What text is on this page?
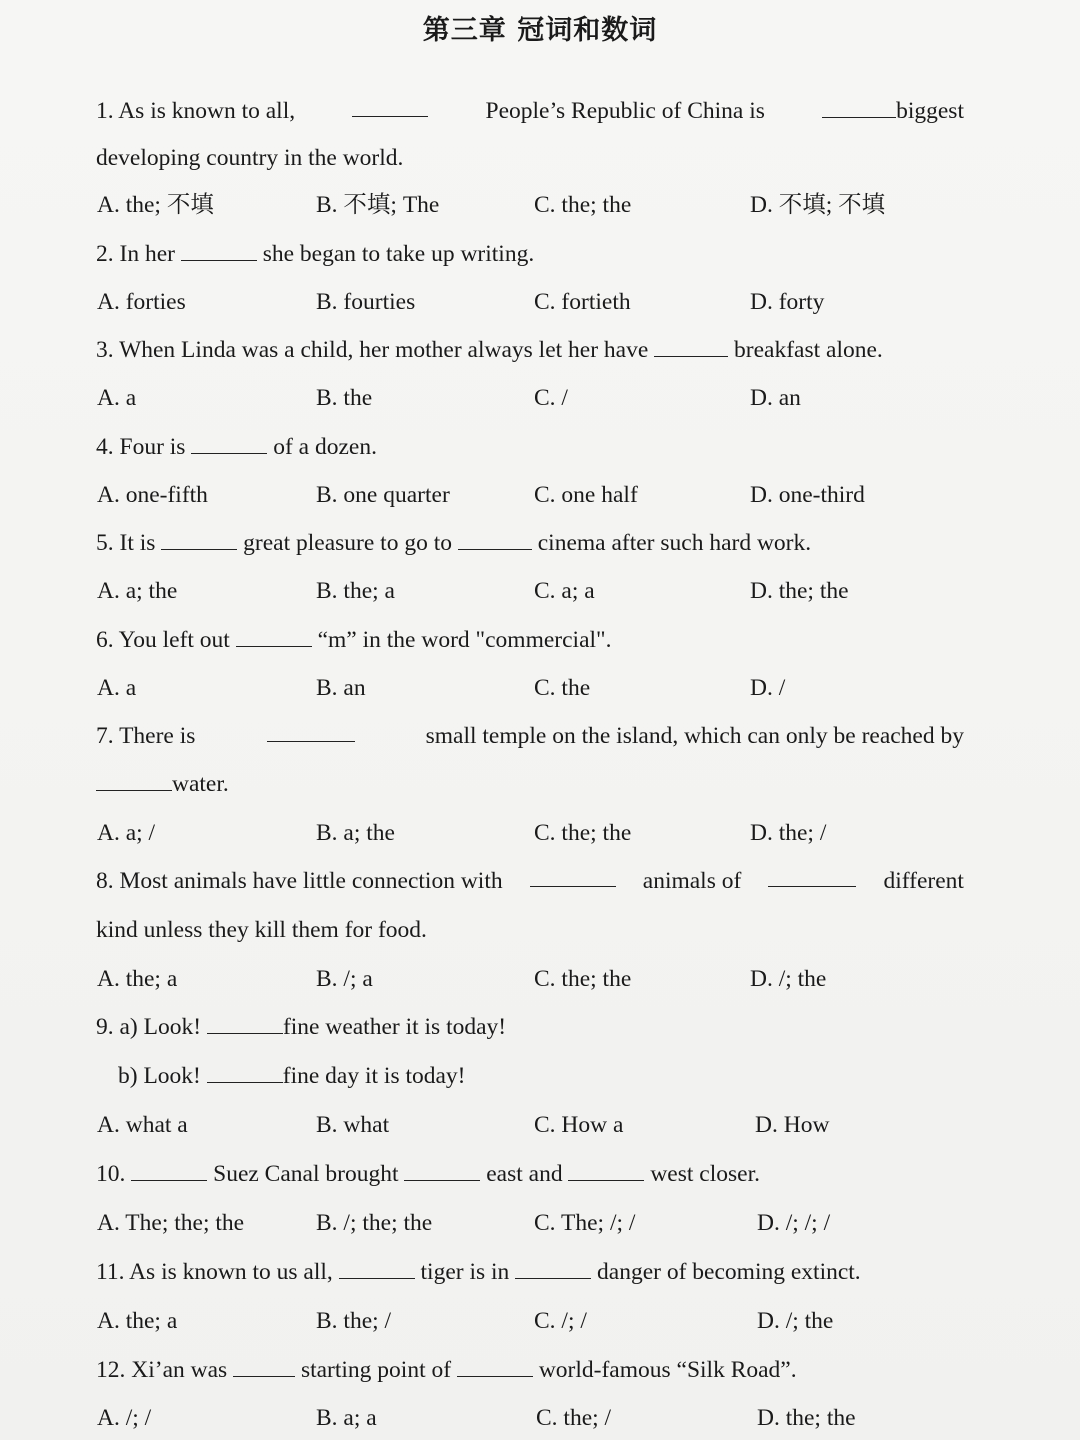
第三章 冠词和数词
1. As is known to all,	People’s Republic of China is	biggest
developing country in the world.
A. the; 不填	B. 不填; The	C. the; the	D. 不填; 不填
2. In her	she began to take up writing.
A. forties	B. fourties	C. fortieth	D. forty
3. When Linda was a child, her mother always let her have	breakfast alone.
A. a	B. the	C. /	D. an
4. Four is	of a dozen.
A. one-fifth	B. one quarter	C. one half	D. one-third
5. It is	great pleasure to go to	cinema after such hard work.
A. a; the	B. the; a	C. a; a	D. the; the
6. You left out	“m” in the word "commercial".
A. a	B. an	C. the	D. /
7. There is	small temple on the island, which can only be reached by
water.
A. a; /	B. a; the	C. the; the	D. the; /
8. Most animals have little connection with	animals of	different
kind unless they kill them for food.
A. the; a	B. /; a	C. the; the	D. /; the
9. a) Look!	fine weather it is today!
b) Look!	fine day it is today!
A. what a	B. what	C. How a	D. How
10.	Suez Canal brought	east and	west closer.
A. The; the; the	B. /; the; the	C. The; /; /	D. /; /; /
11. As is known to us all,	tiger is in	danger of becoming extinct.
A. the; a	B. the; /	C. /; /	D. /; the
12. Xi’an was	starting point of	world-famous “Silk Road”.
A. /; /	B. a; a	C. the; /	D. the; the
